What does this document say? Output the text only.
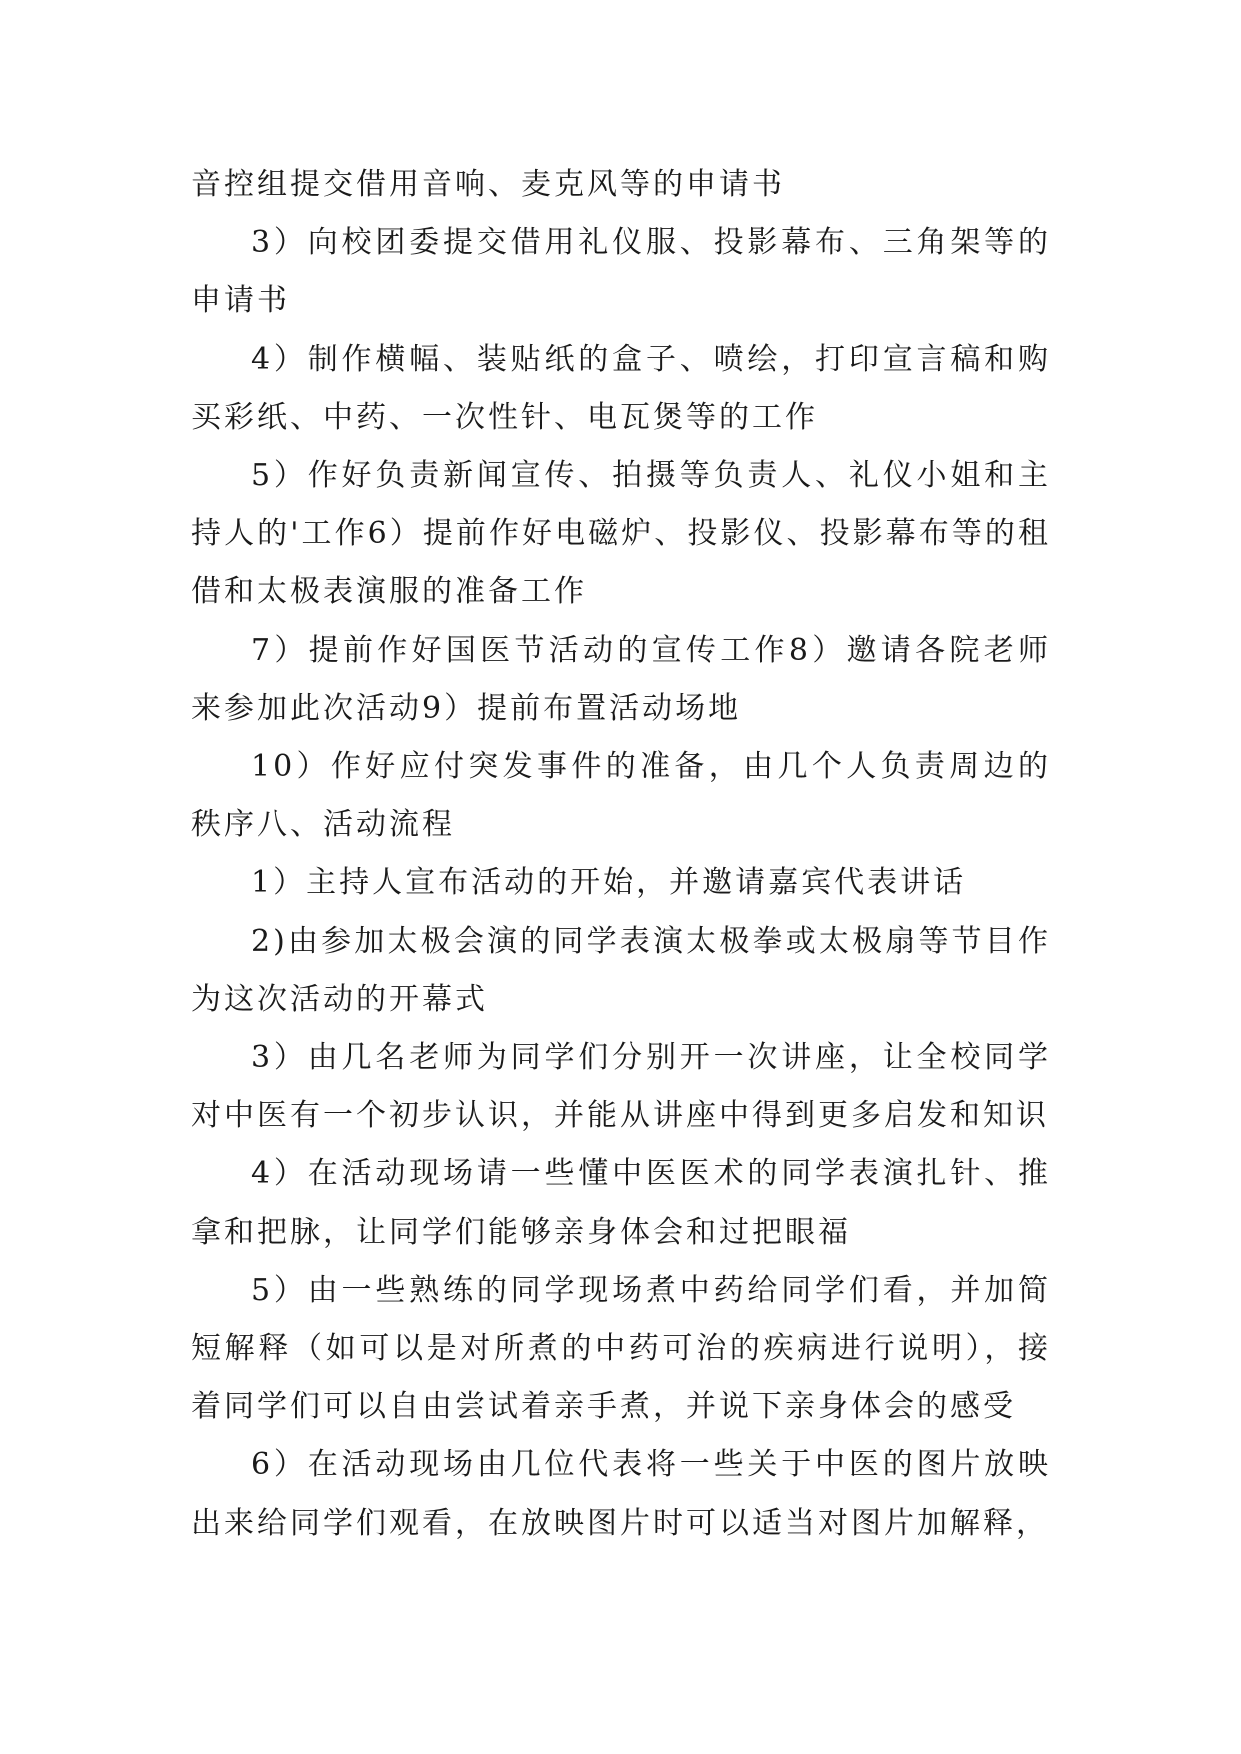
音控组提交借用音响、麦克风等的申请书

3）向校团委提交借用礼仪服、投影幕布、三角架等的申请书

4）制作横幅、装贴纸的盒子、喷绘，打印宣言稿和购买彩纸、中药、一次性针、电瓦煲等的工作

5）作好负责新闻宣传、拍摄等负责人、礼仪小姐和主持人的'工作6）提前作好电磁炉、投影仪、投影幕布等的租借和太极表演服的准备工作

7）提前作好国医节活动的宣传工作8）邀请各院老师来参加此次活动9）提前布置活动场地

10）作好应付突发事件的准备，由几个人负责周边的秩序八、活动流程

1）主持人宣布活动的开始，并邀请嘉宾代表讲话

2)由参加太极会演的同学表演太极拳或太极扇等节目作为这次活动的开幕式

3）由几名老师为同学们分别开一次讲座，让全校同学对中医有一个初步认识，并能从讲座中得到更多启发和知识

4）在活动现场请一些懂中医医术的同学表演扎针、推拿和把脉，让同学们能够亲身体会和过把眼福

5）由一些熟练的同学现场煮中药给同学们看，并加简短解释（如可以是对所煮的中药可治的疾病进行说明），接着同学们可以自由尝试着亲手煮，并说下亲身体会的感受

6）在活动现场由几位代表将一些关于中医的图片放映出来给同学们观看，在放映图片时可以适当对图片加解释，
